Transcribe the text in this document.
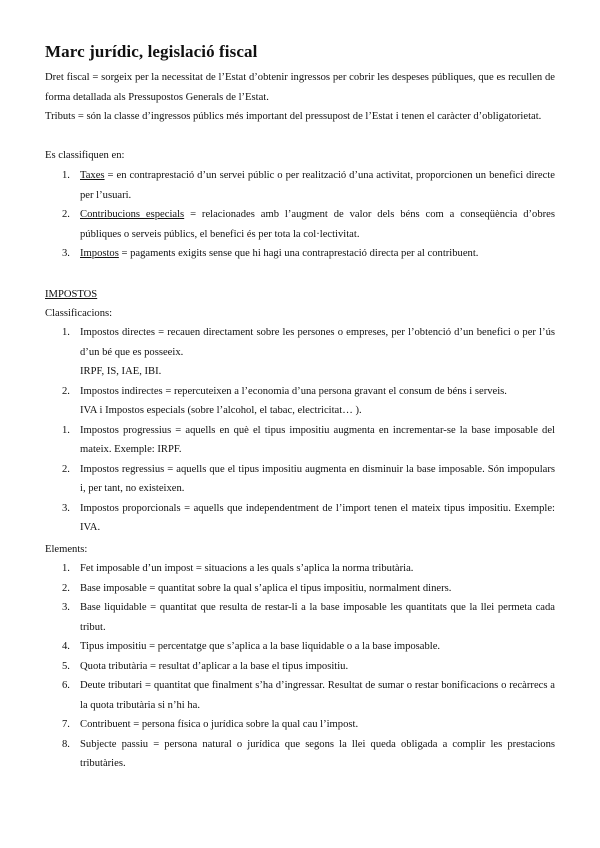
Marc jurídic, legislació fiscal

Dret fiscal = sorgeix per la necessitat de l’Estat d’obtenir ingressos per cobrir les despeses públiques, que es recullen de forma detallada als Pressupostos Generals de l’Estat.

Tributs = són la classe d’ingressos públics més important del pressupost de l’Estat i tenen el caràcter d’obligatorietat.

Es classifiquen en:

1. Taxes = en contraprestació d’un servei públic o per realització d’una activitat, proporcionen un benefici directe per l’usuari.
2. Contribucions especials = relacionades amb l’augment de valor dels béns com a conseqüència d’obres públiques o serveis públics, el benefici és per tota la col·lectivitat.
3. Impostos = pagaments exigits sense que hi hagi una contraprestació directa per al contribuent.

IMPOSTOS

Classificacions:

1. Impostos directes = recauen directament sobre les persones o empreses, per l’obtenció d’un benefici o per l’ús d’un bé que es posseeix.
IRPF, IS, IAE, IBI.
2. Impostos indirectes = repercuteixen a l’economia d’una persona gravant el consum de béns i serveis.
IVA i Impostos especials (sobre l’alcohol, el tabac, electricitat… ).
1. Impostos progressius = aquells en què el tipus impositiu augmenta en incrementar-se la base imposable del mateix. Exemple: IRPF.
2. Impostos regressius = aquells que el tipus impositiu augmenta en disminuir la base imposable. Són impopulars i, per tant, no existeixen.
3. Impostos proporcionals = aquells que independentment de l’import tenen el mateix tipus impositiu. Exemple: IVA.

Elements:

1. Fet imposable d’un impost = situacions a les quals s’aplica la norma tributària.
2. Base imposable = quantitat sobre la qual s’aplica el tipus impositiu, normalment diners.
3. Base liquidable = quantitat que resulta de restar-li a la base imposable les quantitats que la llei permeta cada tribut.
4. Tipus impositiu = percentatge que s’aplica a la base liquidable o a la base imposable.
5. Quota tributària = resultat d’aplicar a la base el tipus impositiu.
6. Deute tributari = quantitat que finalment s’ha d’ingressar. Resultat de sumar o restar bonificacions o recàrrecs a la quota tributària si n’hi ha.
7. Contribuent = persona física o jurídica sobre la qual cau l’impost.
8. Subjecte passiu = persona natural o jurídica que segons la llei queda obligada a complir les prestacions tributàries.
